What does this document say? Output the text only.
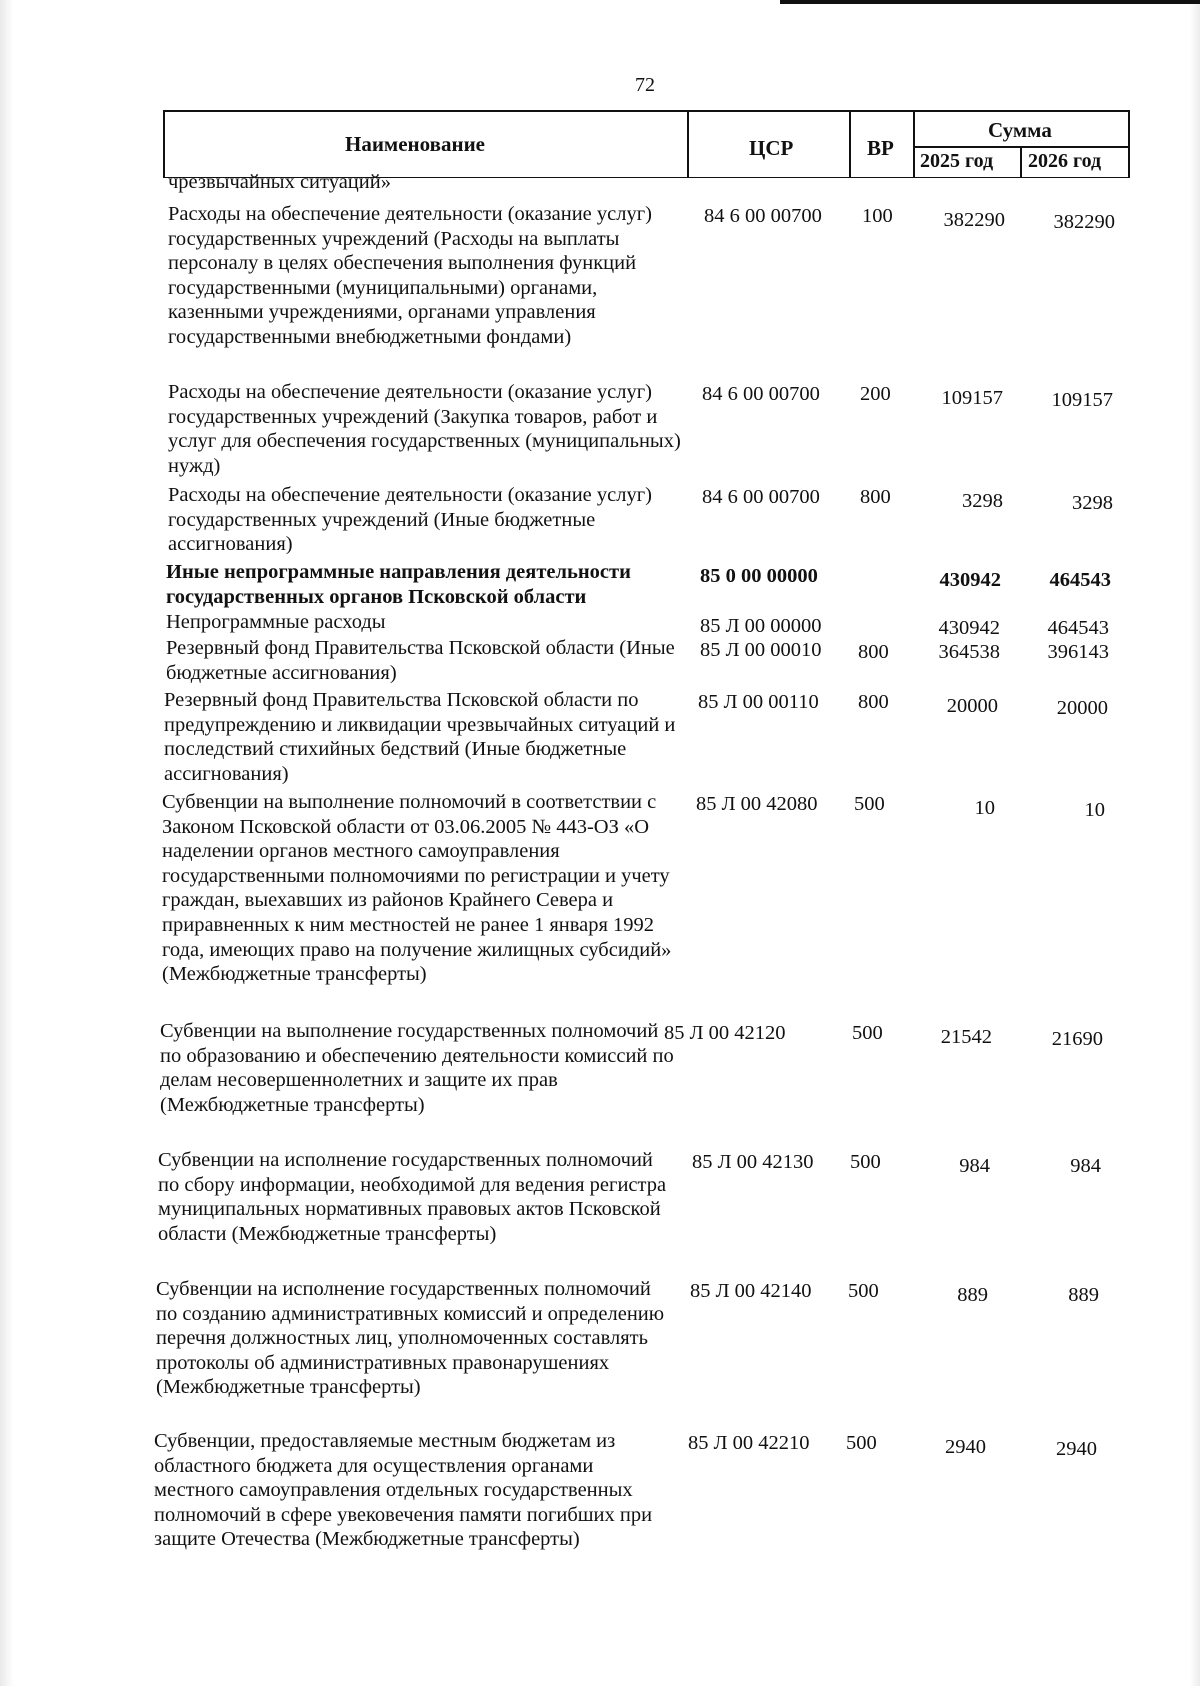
72
Наименование	ЦСР	ВР
Сумма
2025 год 2026 год
чрезвычайных ситуаций»
Расходы на обеспечение деятельности (оказание услуг) государственных учреждений (Расходы на выплаты персоналу в целях обеспечения выполнения функций государственными (муниципальными) органами, казенными учреждениями, органами управления государственными внебюджетными фондами)
84 6 00 00700 100	382290	382290
Расходы на обеспечение деятельности (оказание услуг) государственных учреждений (Закупка товаров, работ и услуг для обеспечения государственных (муниципальных) нужд)
84 6 00 00700 200	109157	109157
Расходы на обеспечение деятельности (оказание услуг) государственных учреждений (Иные бюджетные ассигнования)
84 6 00 00700 800	3298	3298
Иные непрограммные направления деятельности государственных органов Псковской области
85 0 00 00000	430942	464543
Непрограммные расходы	85 Л 00 00000	430942	464543
Резервный фонд Правительства Псковской области (Иные бюджетные ассигнования)
85 Л 00 00010 800	364538	396143
Резервный фонд Правительства Псковской области по предупреждению и ликвидации чрезвычайных ситуаций и последствий стихийных бедствий (Иные бюджетные ассигнования)
85 Л 00 00110 800	20000	20000
Субвенции на выполнение полномочий в соответствии с Законом Псковской области от 03.06.2005 № 443-ОЗ «О наделении органов местного самоуправления государственными полномочиями по регистрации и учету граждан, выехавших из районов Крайнего Севера и приравненных к ним местностей не ранее 1 января 1992 года, имеющих право на получение жилищных субсидий» (Межбюджетные трансферты)
85 Л 00 42080 500	10	10
Субвенции на выполнение государственных полномочий по образованию и обеспечению деятельности комиссий по делам несовершеннолетних и защите их прав (Межбюджетные трансферты)
85 Л 00 42120	500	21542	21690
Субвенции на исполнение государственных полномочий по сбору информации, необходимой для ведения регистра муниципальных нормативных правовых актов Псковской области (Межбюджетные трансферты)
85 Л 00 42130 500	984	984
Субвенции на исполнение государственных полномочий по созданию административных комиссий и определению перечня должностных лиц, уполномоченных составлять протоколы об административных правонарушениях (Межбюджетные трансферты)
85 Л 00 42140 500	889	889
Субвенции, предоставляемые местным бюджетам из областного бюджета для осуществления органами местного самоуправления отдельных государственных полномочий в сфере увековечения памяти погибших при защите Отечества (Межбюджетные трансферты)
85 Л 00 42210 500	2940	2940
